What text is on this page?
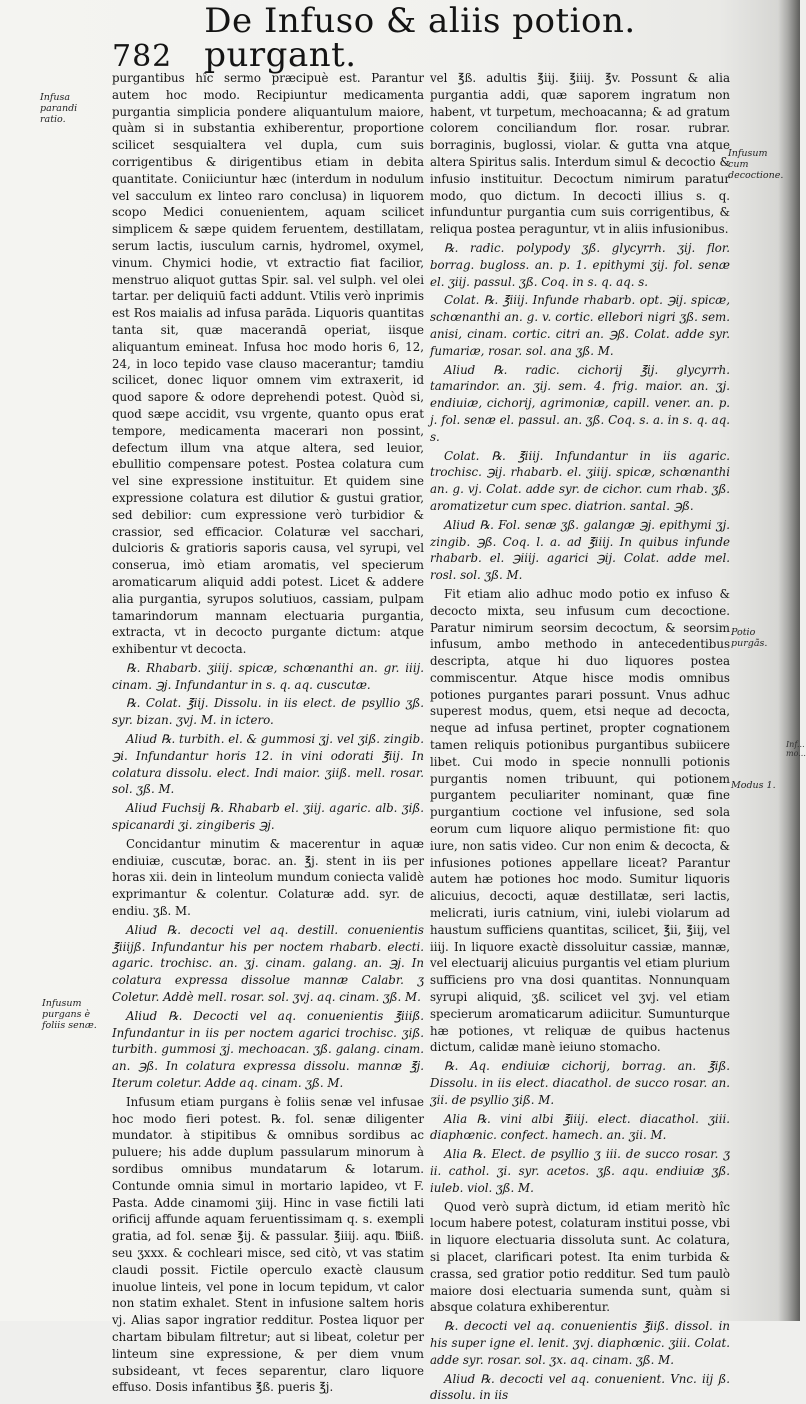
782
De Infuso & aliis potion. purgant.
Infusa parandi ratio.
Infusum purgans è foliis senæ.
Infusum cum decoctione.
Potio purgãs.
Modus 1.
Inf... mo...

purgantibus hîc sermo præcipuè est. Parantur autem hoc modo. Recipiuntur medicamenta purgantia simplicia pondere aliquantulum maiore, quàm si in substantia exhiberentur, proportione scilicet sesquialtera vel dupla, cum suis corrigentibus & dirigentibus etiam in debita quantitate. Coniiciuntur hæc (interdum in nodulum vel sacculum ex linteo raro conclusa) in liquorem scopo Medici conuenientem, aquam scilicet simplicem & sæpe quidem feruentem, destillatam, serum lactis, iusculum carnis, hydromel, oxymel, vinum. Chymici hodie, vt extractio fiat facilior, menstruo aliquot guttas Spir. sal. vel sulph. vel olei tartar. per deliquiū facti addunt. Vtilis verò inprimis est Ros maialis ad infusa parāda. Liquoris quantitas tanta sit, quæ macerandā operiat, iisque aliquantum emineat. Infusa hoc modo horis 6, 12, 24, in loco tepido vase clauso macerantur; tamdiu scilicet, donec liquor omnem vim extraxerit, id quod sapore & odore deprehendi potest. Quòd si, quod sæpe accidit, vsu vrgente, quanto opus erat tempore, medicamenta macerari non possint, defectum illum vna atque altera, sed leuior, ebullitio compensare potest. Postea colatura cum vel sine expressione instituitur. Et quidem sine expressione colatura est dilutior & gustui gratior, sed debilior: cum expressione verò turbidior & crassior, sed efficacior. Colaturæ vel sacchari, dulcioris & gratioris saporis causa, vel syrupi, vel conserua, imò etiam aromatis, vel specierum aromaticarum aliquid addi potest. Licet & addere alia purgantia, syrupos solutiuos, cassiam, pulpam tamarindorum mannam electuaria purgantia, extracta, vt in decocto purgante dictum: atque exhibentur vt decocta.

℞. Rhabarb. ʒiiij. spicæ, schœnanthi an. gr. iiij. cinam. ℈j. Infundantur in s. q. aq. cuscutæ.

℞. Colat. ℥iij. Dissolu. in iis elect. de psyllio ʒß. syr. bizan. ʒvj. M. in ictero.

Aliud ℞. turbith. el. & gummosi ʒj. vel ʒiß. zingib. ℈i. Infundantur horis 12. in vini odorati ℥iij. In colatura dissolu. elect. Indi maior. ʒiiß. mell. rosar. sol. ʒß. M.

Aliud Fuchsij ℞. Rhabarb el. ʒiij. agaric. alb. ʒiß. spicanardi ʒi. zingiberis ℈j.

Concidantur minutim & macerentur in aquæ endiuiæ, cuscutæ, borac. an. ℥j. stent in iis per horas xii. dein in linteolum mundum coniecta validè exprimantur & colentur. Colaturæ add. syr. de endiu. ʒß. M.

Aliud ℞. decocti vel aq. destill. conuenientis ℥iiijß. Infundantur his per noctem rhabarb. electi. agaric. trochisc. an. ʒj. cinam. galang. an. ℈j. In colatura expressa dissolue mannæ Calabr. ʒ Coletur. Addè mell. rosar. sol. ʒvj. aq. cinam. ʒß. M.

Aliud ℞. Decocti vel aq. conuenientis ℥iiiß. Infundantur in iis per noctem agarici trochisc. ʒiß. turbith. gummosi ʒj. mechoacan. ʒß. galang. cinam. an. ℈ß. In colatura expressa dissolu. mannæ ℥j. Iterum coletur. Adde aq. cinam. ʒß. M.

Infusum etiam purgans è foliis senæ vel infusae hoc modo fieri potest. ℞. fol. senæ diligenter mundator. à stipitibus & omnibus sordibus ac puluere; his adde duplum passularum minorum à sordibus omnibus mundatarum & lotarum. Contunde omnia simul in mortario lapideo, vt F. Pasta. Adde cinamomi ʒiij. Hinc in vase fictili lati orificij affunde aquam feruentissimam q. s. exempli gratia, ad fol. senæ ℥ij. & passular. ℥iiij. aqu. ℔iiß. seu ʒxxx. & cochleari misce, sed citò, vt vas statim claudi possit. Fictile operculo exactè clausum inuolue linteis, vel pone in locum tepidum, vt calor non statim exhalet. Stent in infusione saltem horis vj. Alias sapor ingratior redditur. Postea liquor per chartam bibulam filtretur; aut si libeat, coletur per linteum sine expressione, & per diem vnum subsideant, vt feces separentur, claro liquore effuso. Dosis infantibus ℥ß. pueris ℥j.

vel ℥ß. adultis ℥iij. ℥iiij. ℥v. Possunt & alia purgantia addi, quæ saporem ingratum non habent, vt turpetum, mechoacanna; & ad gratum colorem conciliandum flor. rosar. rubrar. borraginis, buglossi, violar. & gutta vna atque altera Spiritus salis. Interdum simul & decoctio & infusio instituitur. Decoctum nimirum paratur modo, quo dictum. In decocti illius s. q. infunduntur purgantia cum suis corrigentibus, & reliqua postea peraguntur, vt in aliis infusionibus.

℞. radic. polypody ʒß. glycyrrh. ʒij. flor. borrag. bugloss. an. p. 1. epithymi ʒij. fol. senæ el. ʒiij. passul. ʒß. Coq. in s. q. aq. s.

Colat. ℞. ℥iiij. Infunde rhabarb. opt. ℈ij. spicæ, schœnanthi an. g. v. cortic. ellebori nigri ʒß. sem. anisi, cinam. cortic. citri an. ℈ß. Colat. adde syr. fumariæ, rosar. sol. ana ʒß. M.

Aliud ℞. radic. cichorij ℥ij. glycyrrh. tamarindor. an. ʒij. sem. 4. frig. maior. an. ʒj. endiuiæ, cichorij, agrimoniæ, capill. vener. an. p. j. fol. senæ el. passul. an. ʒß. Coq. s. a. in s. q. aq. s.

Colat. ℞. ℥iiij. Infundantur in iis agaric. trochisc. ℈ij. rhabarb. el. ʒiiij. spicæ, schœnanthi an. g. vj. Colat. adde syr. de cichor. cum rhab. ʒß. aromatizetur cum spec. diatrion. santal. ℈ß.

Aliud ℞. Fol. senæ ʒß. galangæ ℈j. epithymi ʒj. zingib. ℈ß. Coq. l. a. ad ℥iiij. In quibus infunde rhabarb. el. ℈iiij. agarici ℈ij. Colat. adde mel. rosl. sol. ʒß. M.

Fit etiam alio adhuc modo potio ex infuso & decocto mixta, seu infusum cum decoctione. Paratur nimirum seorsim decoctum, & seorsim infusum, ambo methodo in antecedentibus descripta, atque hi duo liquores postea commiscentur. Atque hisce modis omnibus potiones purgantes parari possunt. Vnus adhuc superest modus, quem, etsi neque ad decocta, neque ad infusa pertinet, propter cognationem tamen reliquis potionibus purgantibus subiicere libet. Cui modo in specie nonnulli potionis purgantis nomen tribuunt, qui potionem purgantem peculiariter nominant, quæ fine purgantium coctione vel infusione, sed sola eorum cum liquore aliquo permistione fit: quo iure, non satis video. Cur non enim & decocta, & infusiones potiones appellare liceat? Parantur autem hæ potiones hoc modo. Sumitur liquoris alicuius, decocti, aquæ destillatæ, seri lactis, melicrati, iuris catnium, vini, iulebi violarum ad haustum sufficiens quantitas, scilicet, ℥ii, ℥iij, vel iiij. In liquore exactè dissoluitur cassiæ, mannæ, vel electuarij alicuius purgantis vel etiam plurium sufficiens pro vna dosi quantitas. Nonnunquam syrupi aliquid, ʒß. scilicet vel ʒvj. vel etiam specierum aromaticarum adiicitur. Sumunturque hæ potiones, vt reliquæ de quibus hactenus dictum, calidæ manè ieiuno stomacho.

℞. Aq. endiuiæ cichorij, borrag. an. ℥iß. Dissolu. in iis elect. diacathol. de succo rosar. an. ʒii. de psyllio ʒiß. M.

Alia ℞. vini albi ℥iiij. elect. diacathol. ʒiii. diaphœnic. confect. hamech. an. ʒii. M.

Alia ℞. Elect. de psyllio ʒ iii. de succo rosar. ʒ ii. cathol. ʒi. syr. acetos. ʒß. aqu. endiuiæ ʒß. iuleb. viol. ʒß. M.

Quod verò suprà dictum, id etiam meritò hîc locum habere potest, colaturam institui posse, vbi in liquore electuaria dissoluta sunt. Ac colatura, si placet, clarificari potest. Ita enim turbida & crassa, sed gratior potio redditur. Sed tum paulò maiore dosi electuaria sumenda sunt, quàm si absque colatura exhiberentur.

℞. decocti vel aq. conuenientis ℥iiß. dissol. in his super igne el. lenit. ʒvj. diaphœnic. ʒiii. Colat. adde syr. rosar. sol. ʒx. aq. cinam. ʒß. M.

Aliud ℞. decocti vel aq. conuenient. Vnc. iij ß. dissolu. in iis
